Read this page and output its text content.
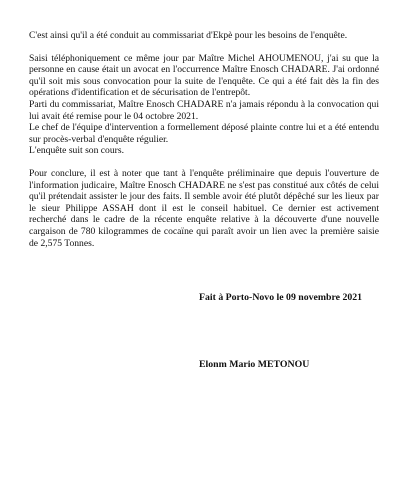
C'est ainsi qu'il a été conduit au commissariat d'Ekpè pour les besoins de l'enquête.

Saisi téléphoniquement ce même jour par Maître Michel AHOUMENOU, j'ai su que la personne en cause était un avocat en l'occurrence Maître Enosch CHADARE. J'ai ordonné qu'il soit mis sous convocation pour la suite de l'enquête. Ce qui a été fait dès la fin des opérations d'identification et de sécurisation de l'entrepôt.

Parti du commissariat, Maître Enosch CHADARE n'a jamais répondu à la convocation qui lui avait été remise pour le 04 octobre 2021.

Le chef de l'équipe d'intervention a formellement déposé plainte contre lui et a été entendu sur procès-verbal d'enquête régulier.

L'enquête suit son cours.

Pour conclure, il est à noter que tant à l'enquête préliminaire que depuis l'ouverture de l'information judicaire, Maître Enosch CHADARE ne s'est pas constitué aux côtés de celui qu'il prétendait assister le jour des faits. Il semble avoir été plutôt dépêché sur les lieux par le sieur Philippe ASSAH dont il est le conseil habituel. Ce dernier est activement recherché dans le cadre de la récente enquête relative à la découverte d'une nouvelle cargaison de 780 kilogrammes de cocaïne qui paraît avoir un lien avec la première saisie de 2,575 Tonnes.

Fait à Porto-Novo le 09 novembre 2021
Elonm Mario METONOU
